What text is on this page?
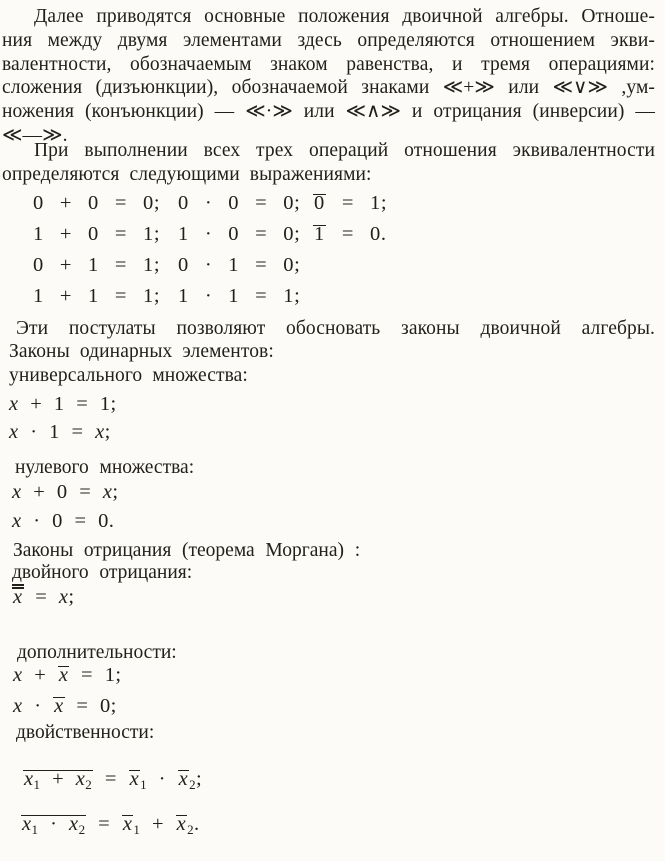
Далее приводятся основные положения двоичной алгебры. Отноше-
ния между двумя элементами здесь определяются отношением экви-
валентности, обозначаемым знаком равенства, и тремя операциями:
сложения (дизъюнкции), обозначаемой знаками ≪+≫ или ≪∨≫ ,ум-
ножения (конъюнкции) — ≪·≫ или ≪∧≫ и отрицания (инверсии) —
≪—≫.
При выполнении всех трех операций отношения эквивалентности
определяются следующими выражениями:
0 + 0 = 0; 0 · 0 = 0; 0 = 1;
1 + 0 = 1; 1 · 0 = 0; 1 = 0.
0 + 1 = 1; 0 · 1 = 0;
1 + 1 = 1; 1 · 1 = 1;
Эти постулаты позволяют обосновать законы двоичной алгебры.
Законы одинарных элементов:
универсального множества:
x + 1 = 1;
x · 1 = x;
нулевого множества:
x + 0 = x;
x · 0 = 0.
Законы отрицания (теорема Моргана) :
двойного отрицания:
x = x;
дополнительности:
x + x = 1;
x · x = 0;
двойственности:
$x_1 + x_2 = x_1 \cdot x_2$;
$x_1 \cdot x_2 = x_1 + x_2$.
